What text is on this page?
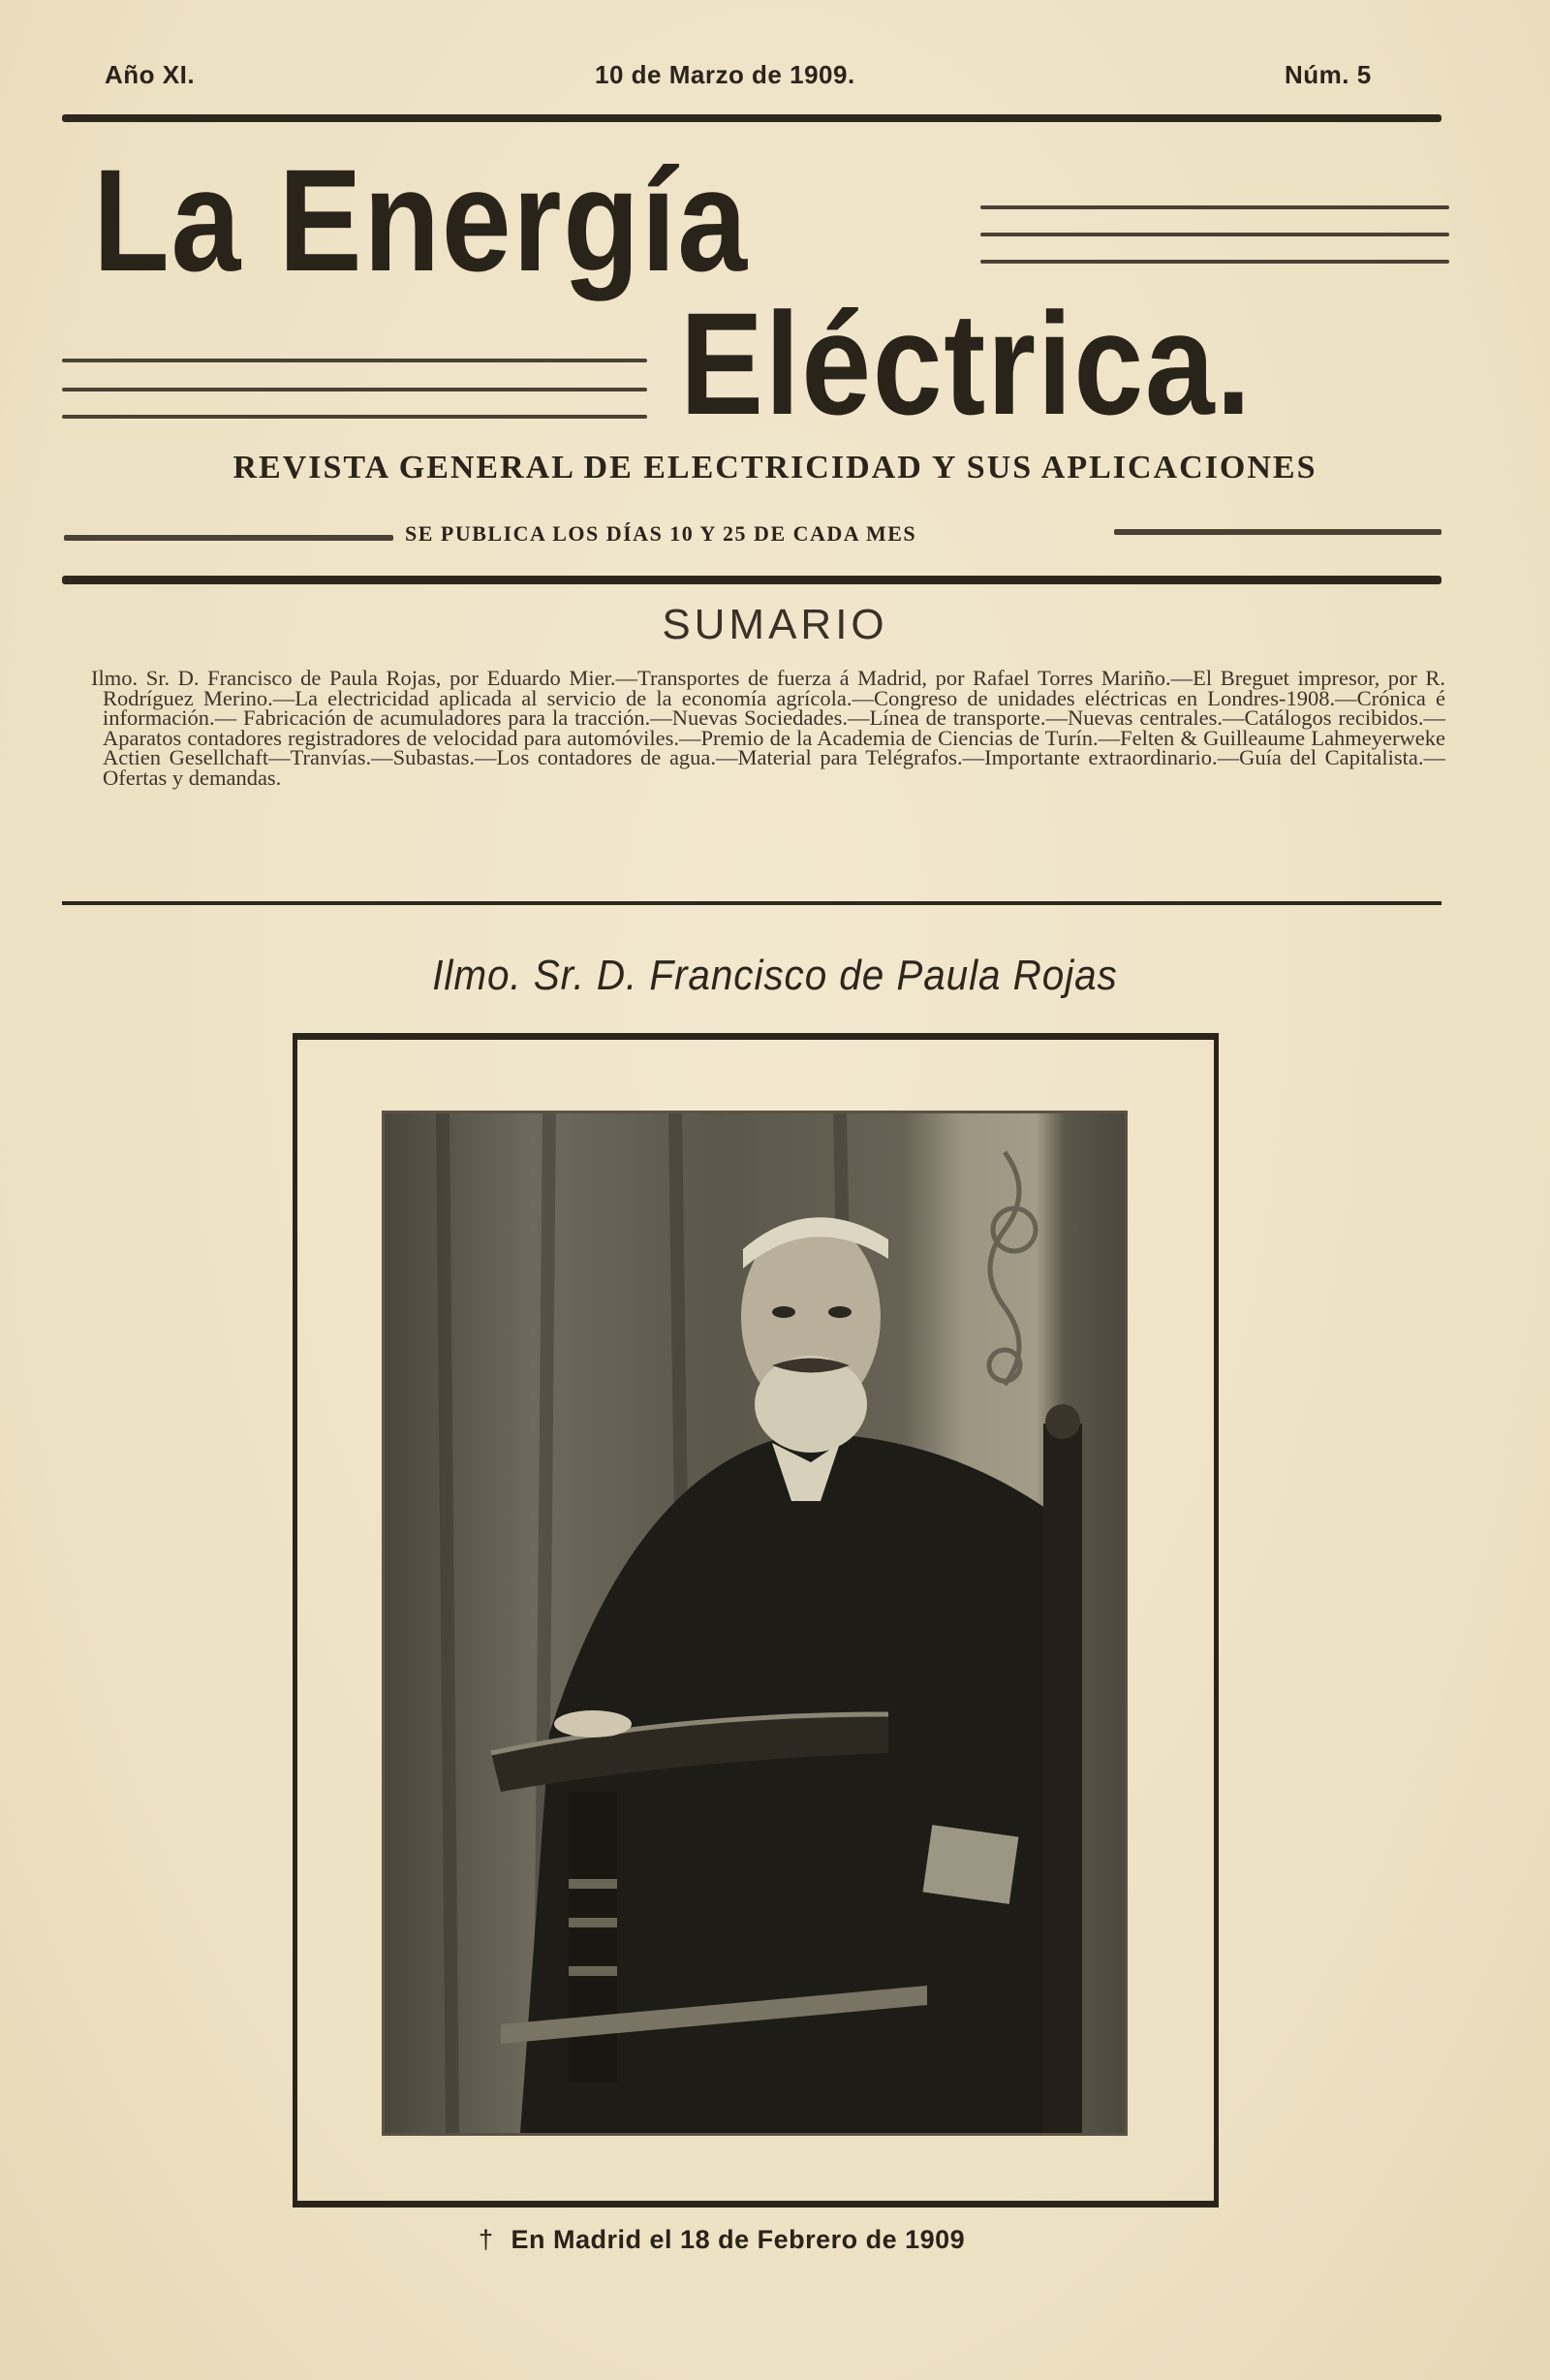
Año XI.	10 de Marzo de 1909.	Núm. 5
La Energía
Eléctrica.
REVISTA GENERAL DE ELECTRICIDAD Y SUS APLICACIONES
SE PUBLICA LOS DÍAS 10 Y 25 DE CADA MES
SUMARIO

Ilmo. Sr. D. Francisco de Paula Rojas, por Eduardo Mier.—Transportes de fuerza á Madrid, por Rafael Torres Mariño.—El Breguet impresor, por R. Rodríguez Merino.—La electricidad aplicada al servicio de la economía agrícola.—Congreso de unidades eléctricas en Londres-1908.—Crónica é información.— Fabricación de acumuladores para la tracción.—Nuevas Sociedades.—Línea de transporte.—Nuevas centrales.—Catálogos recibidos.—Aparatos contadores registradores de velocidad para automóviles.—Premio de la Academia de Ciencias de Turín.—Felten & Guilleaume Lahmeyerweke Actien Gesellchaft—Tranvías.—Subastas.—Los contadores de agua.—Material para Telégrafos.—Importante extraordinario.—Guía del Capitalista.—Ofertas y demandas.

Ilmo. Sr. D. Francisco de Paula Rojas
† En Madrid el 18 de Febrero de 1909
